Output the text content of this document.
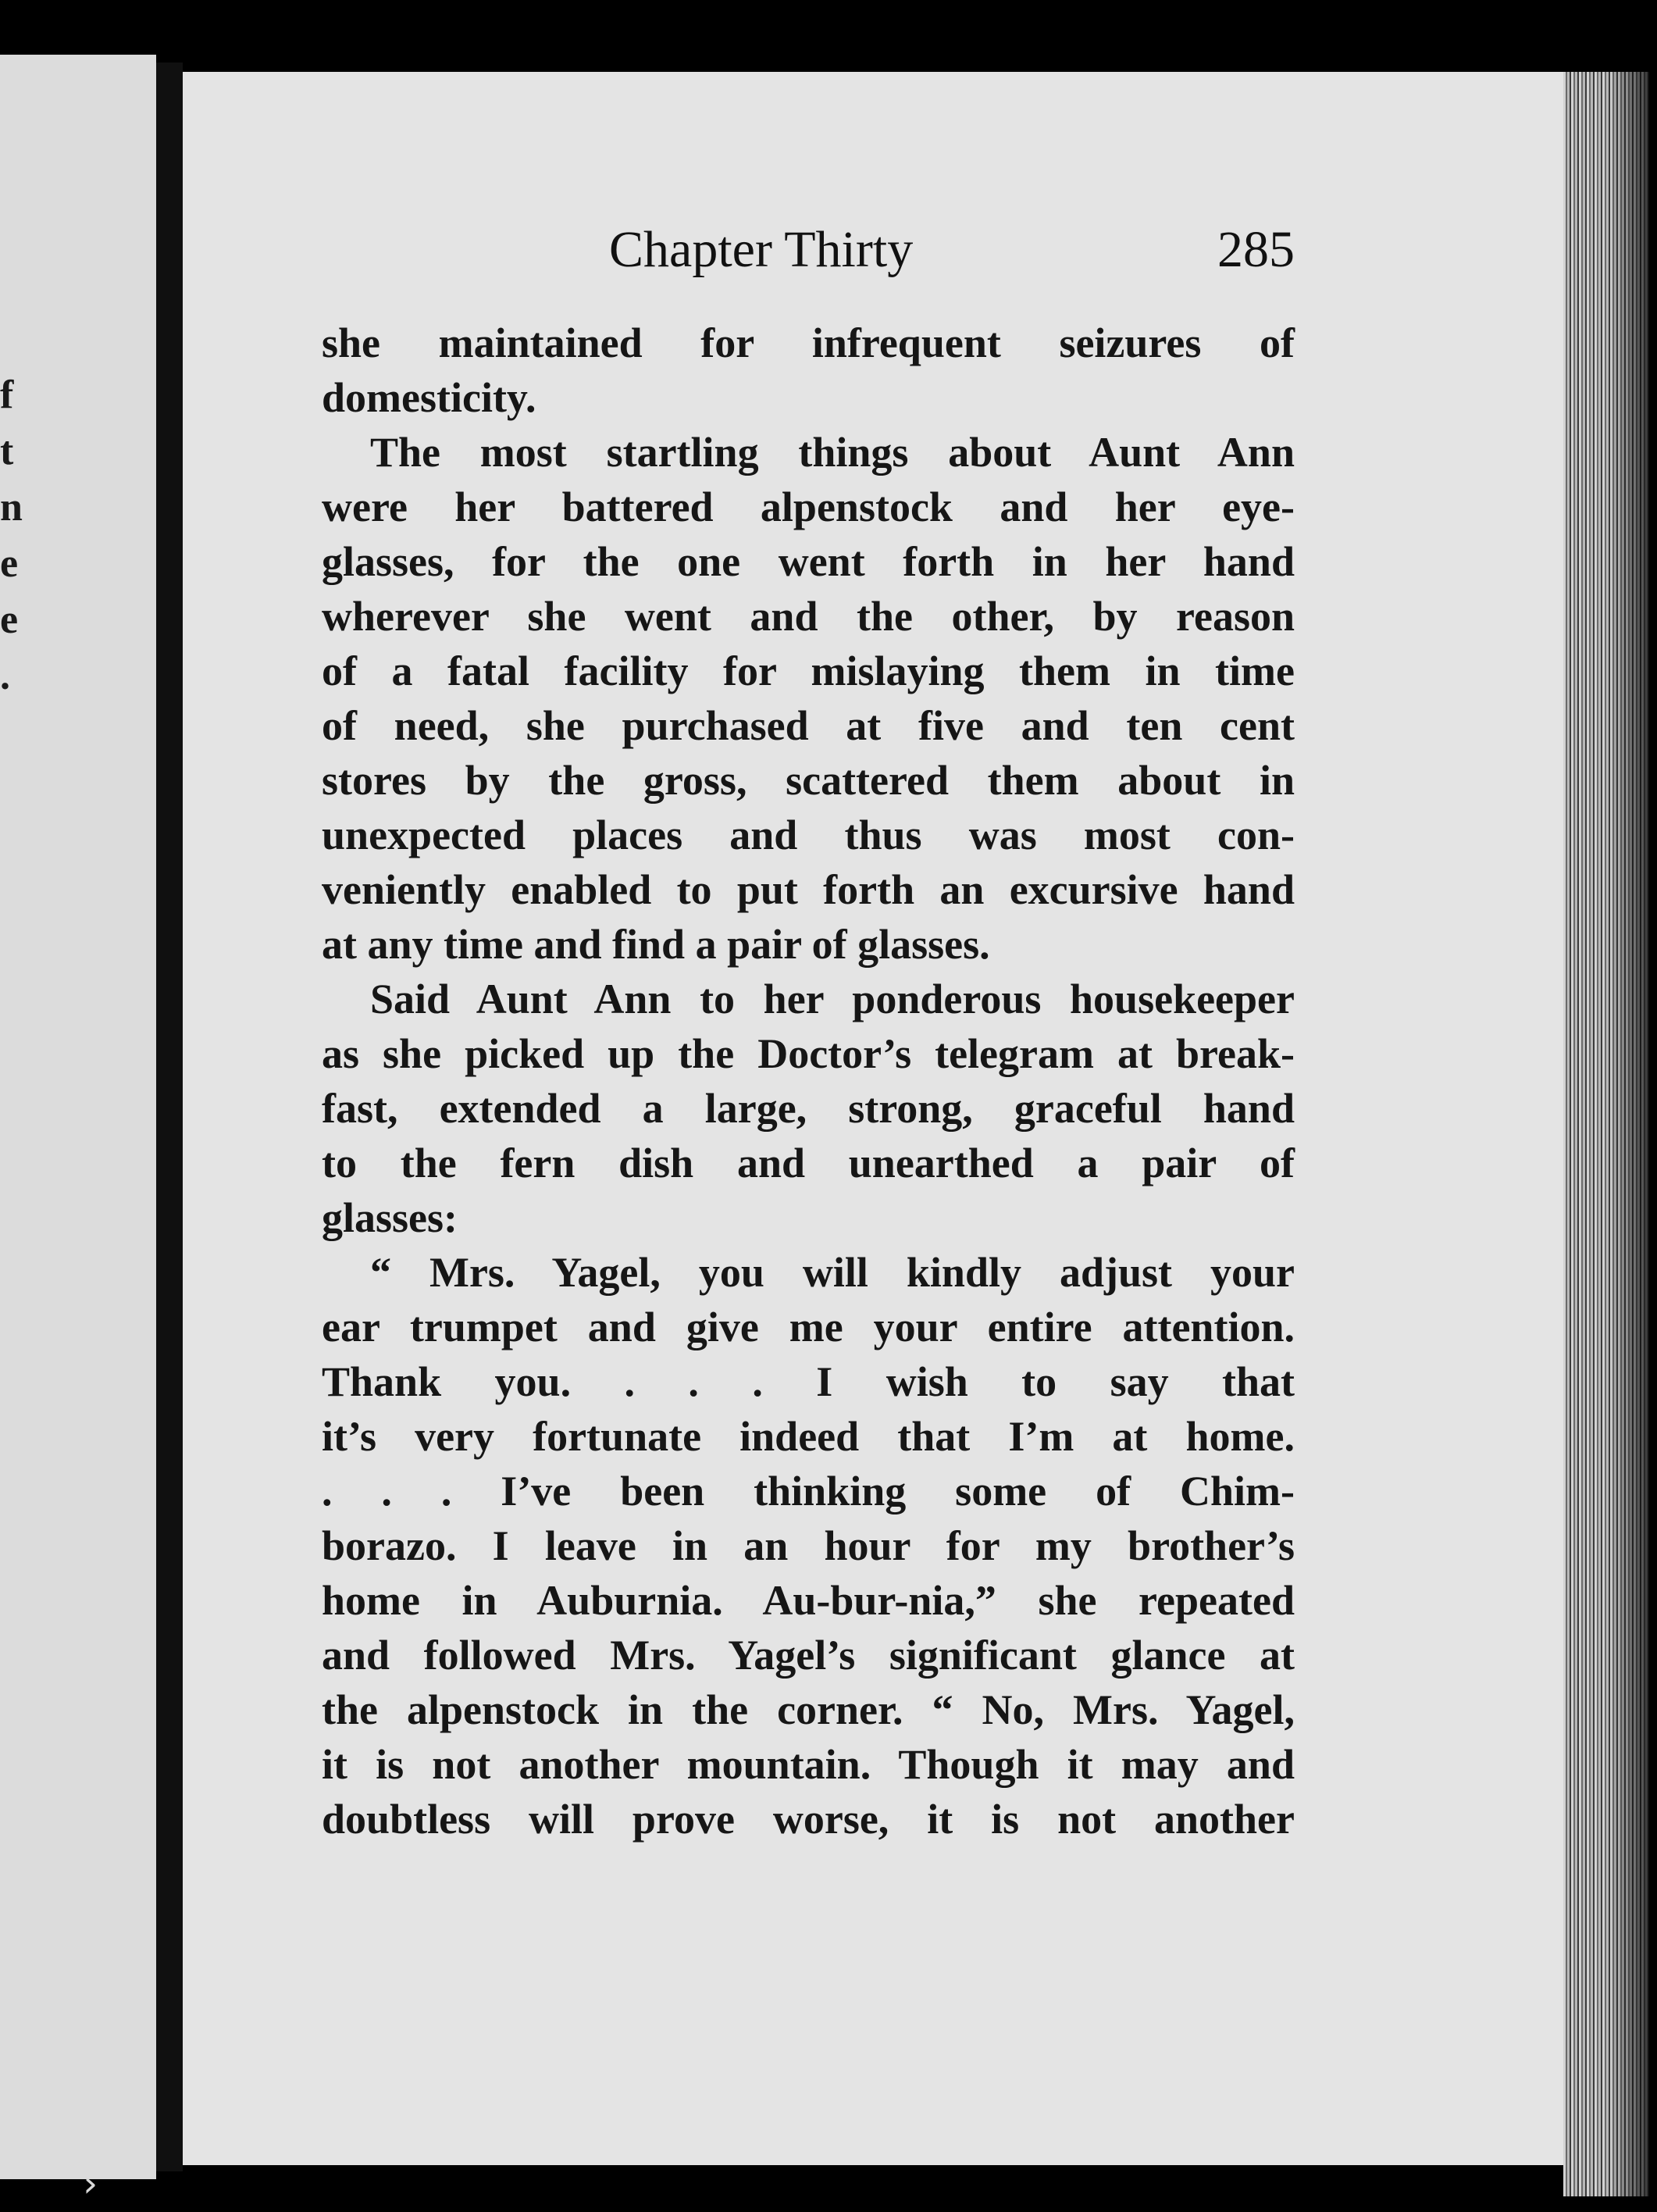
f
t
n
e
e
.
Chapter Thirty	285
she maintained for infrequent seizures of
domesticity.
The most startling things about Aunt Ann
were her battered alpenstock and her eye-
glasses, for the one went forth in her hand
wherever she went and the other, by reason
of a fatal facility for mislaying them in time
of need, she purchased at five and ten cent
stores by the gross, scattered them about in
unexpected places and thus was most con-
veniently enabled to put forth an excursive hand
at any time and find a pair of glasses.
Said Aunt Ann to her ponderous housekeeper
as she picked up the Doctor’s telegram at break-
fast, extended a large, strong, graceful hand
to the fern dish and unearthed a pair of
glasses:
“ Mrs. Yagel, you will kindly adjust your
ear trumpet and give me your entire attention.
Thank you. . . . I wish to say that
it’s very fortunate indeed that I’m at home.
. . . I’ve been thinking some of Chim-
borazo. I leave in an hour for my brother’s
home in Auburnia. Au-bur-nia,” she repeated
and followed Mrs. Yagel’s significant glance at
the alpenstock in the corner. “ No, Mrs. Yagel,
it is not another mountain. Though it may and
doubtless will prove worse, it is not another
›
